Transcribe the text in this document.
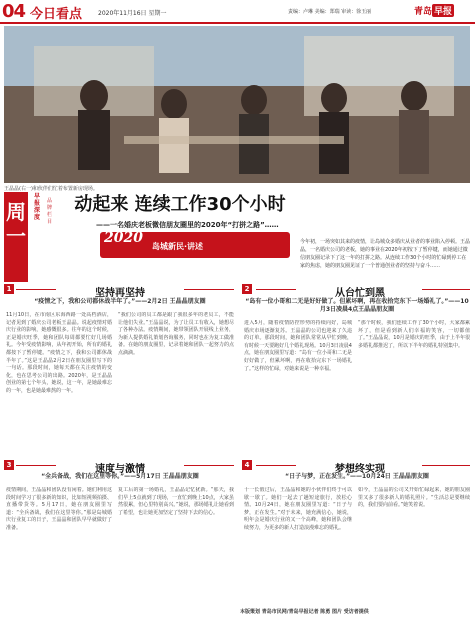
04 今日看点	2020年11月16日 星期一	责编：卢琳 美编：郑瑞 审读：徐玉丽	青岛 早报
王晶晶(右一)和伙伴们忙着布置新房现场。
周
一
早报深度
品牌栏目
动起来 连续工作30个小时
——一名婚庆老板微信朋友圈里的2020年“打拼之路”……
2020
岛城新民·讲述	今年初，一场突如其来的疫情，让岛城众多婚庆从业者的事业陷入停顿。王晶晶，一名婚庆公司的老板，她的事业在2020年初按下了暂停键，而她通过微信朋友圈记录下了这一年的打拼之路。从连续工作30个小时的忙碌到停工在家的焦虑，她的朋友圈见证了一个普通创业者的坚持与奋斗……
1	坚持再坚持
“疫情之下，我和公司都休战半年了。”——2月2日 王晶晶朋友圈
11月10日，在市南区东海西路一处高档酒店，记者见到了婚庆公司老板王晶晶。说起疫情对婚庆行业的影响，她感慨很多。往年的这个时候，正是婚庆旺季，她和团队每周都要忙好几场婚礼。今年受疫情影响，从年初开始，所有的婚礼都按下了暂停键。“疫情之下，我和公司都休战半年了。”这是王晶晶2月2日在朋友圈里写下的一句话。那段时间，她每天都在关注疫情的变化，也在思考公司的出路。2020年，是王晶晶创业的第七个年头，她说，这一年，是她最难忘的一年，也是她最难熬的一年。
“我们公司的员工都是跟了我很多年的老员工，不能让他们失业。”王晶晶说，为了让员工有收入，她想尽了各种办法。疫情期间，她带领团队开展线上业务，为新人提供婚礼策划咨询服务，同时也在为复工做准备。在她的朋友圈里，记录着她和团队一起努力的点点滴滴。
2	从台忙到黑
“岛有一位小哥和二无是好好做了。但累坏啊，再在收拾完东下一场婚礼了。”——10月3日凌晨4点王晶晶朋友圈
进入5月，随着疫情防控形势的持续向好，岛城婚庆市场逐渐复苏。王晶晶的公司也迎来了久违的订单。那段时间，她和团队常常从早忙到晚，有时候一天要跑好几个婚礼现场。10月3日凌晨4点，她在朋友圈里写道：“岛有一位小哥和二无是好好做了，但累坏啊，再在收拾完东下一场婚礼了。”这样的忙碌，对她来说是一种幸福。
“那个时候，我们连续工作了30个小时，大家都累坏了，但是看到新人们幸福的笑容，一切都值了。”王晶晶说，10月是婚庆的旺季，由于上半年很多婚礼都推迟了，所以下半年的婚礼特别集中。
3	速度与激情
“全兵备战，我们在这里等你。”——5月17日 王晶晶朋友圈
疫情期间，王晶晶和团队没有闲着。她们利用这段时间学习了很多新的知识，比如短视频拍摄、直播带货等。5月17日，她在朋友圈里写道：“全兵备战，我们在这里等你。”那是岛城婚庆行业复工的日子，王晶晶和团队早早就做好了准备。
复工后的第一场婚礼，王晶晶记忆犹新。“那天，我们早上5点就到了现场，一直忙到晚上10点，大家虽然很累，但心里特别高兴。”她说，那场婚礼让她看到了希望，也让她更加坚定了坚持下去的信心。
4	梦想终实现
“日子与梦，正在发生。”——10月24日 王晶晶朋友圈
十一长假过后，王晶晶和她的小伙伴们终于可以歇一歇了。她们一起去了趟短途旅行，放松心情。10月24日，她在朋友圈里写道：“日子与梦，正在发生。”对于未来，她充满信心，她说，明年会是婚庆行业的又一个高峰，她和团队会继续努力，为更多的新人打造浪漫难忘的婚礼。
如今，王晶晶的公司又开始忙碌起来，她的朋友圈里又多了很多新人的婚礼照片。“生活总是要继续的，我们要向前看。”她笑着说。
本版策划 青岛市民网/青岛早报记者 陈勇 图片 受访者提供
